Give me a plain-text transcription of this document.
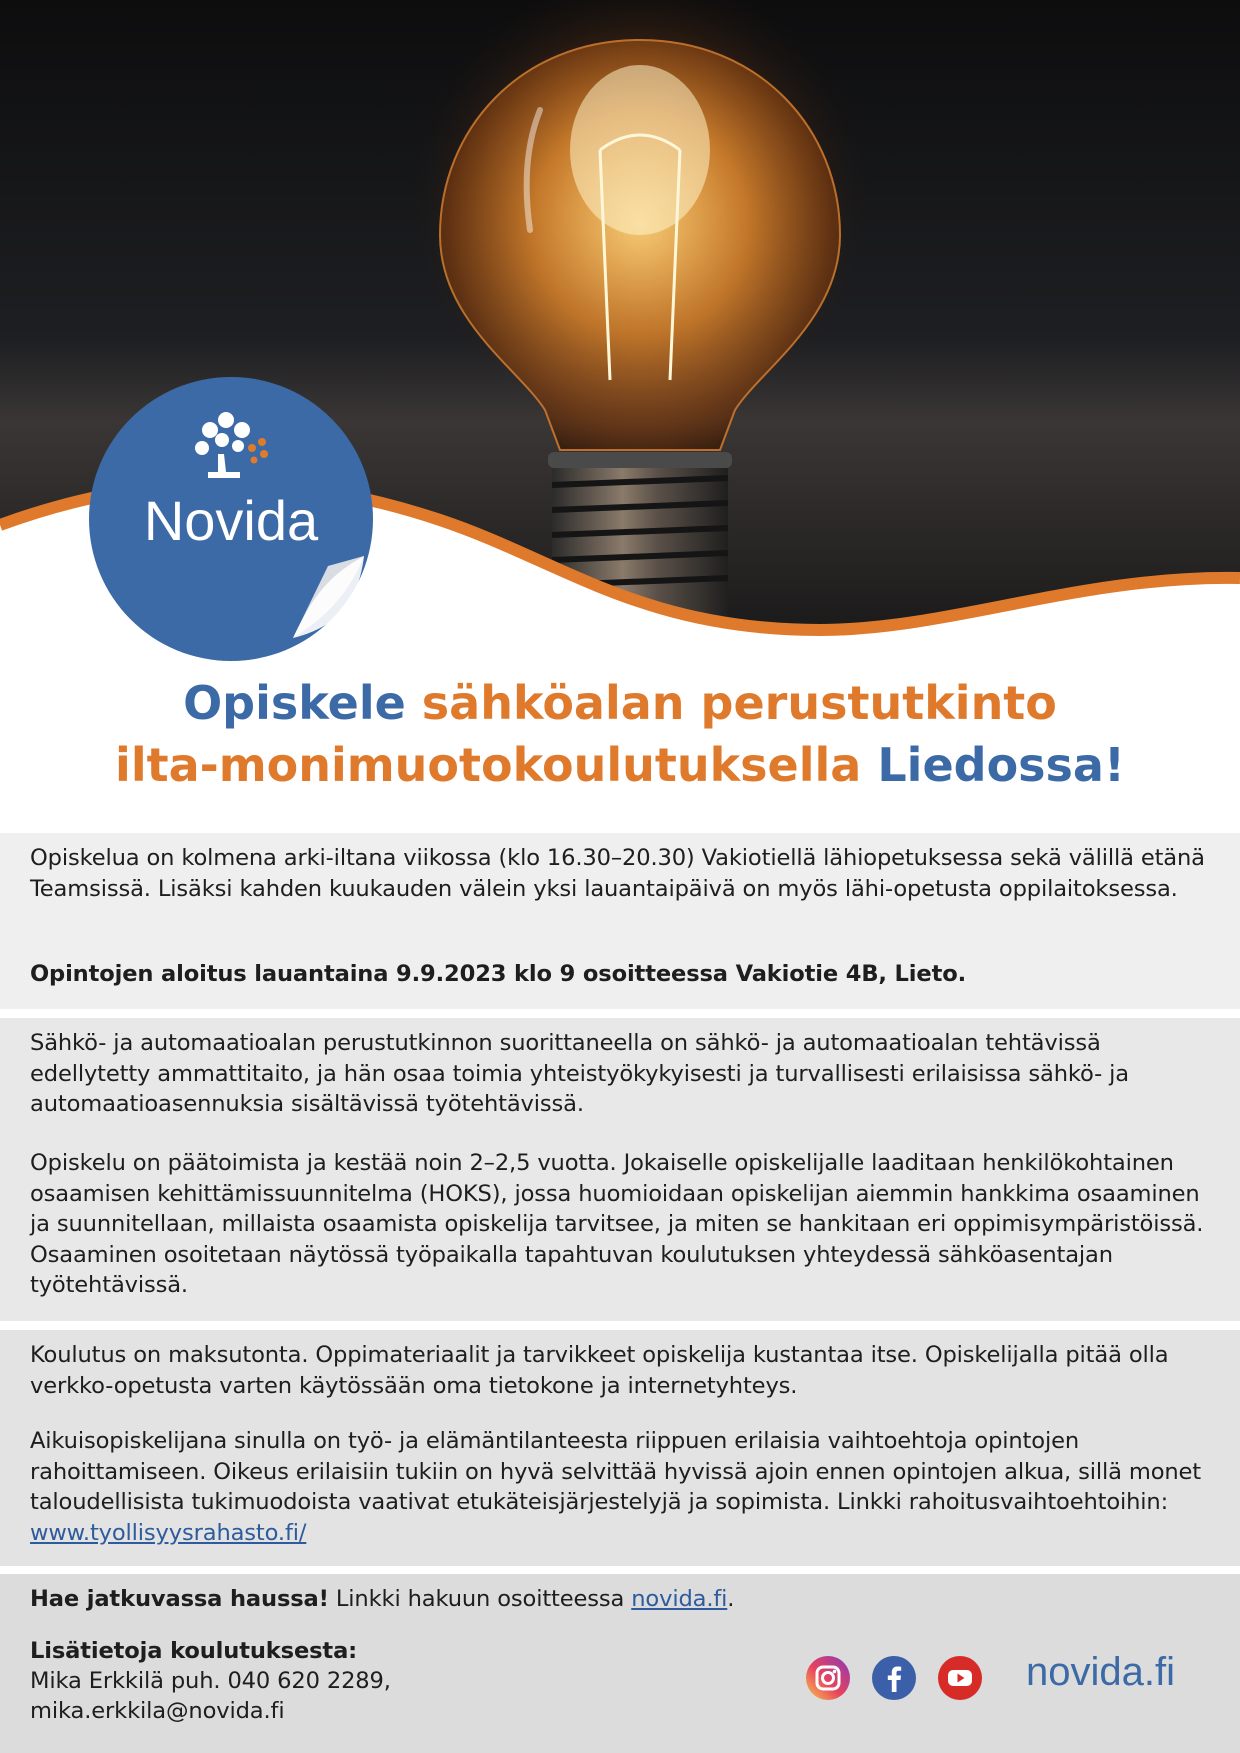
Novida
Opiskele sähköalan perustutkinto
ilta-monimuotokoulutuksella Liedossa!

Opiskelua on kolmena arki-iltana viikossa (klo 16.30–20.30) Vakiotiellä lähiopetuksessa sekä välillä etänä Teamsissä. Lisäksi kahden kuukauden välein yksi lauantaipäivä on myös lähi-opetusta oppilaitoksessa.

Opintojen aloitus lauantaina 9.9.2023 klo 9 osoitteessa Vakiotie 4B, Lieto.

Sähkö- ja automaatioalan perustutkinnon suorittaneella on sähkö- ja automaatioalan tehtävissä edellytetty ammattitaito, ja hän osaa toimia yhteistyökykyisesti ja turvallisesti erilaisissa sähkö- ja automaatioasennuksia sisältävissä työtehtävissä.

Opiskelu on päätoimista ja kestää noin 2–2,5 vuotta. Jokaiselle opiskelijalle laaditaan henkilökohtainen osaamisen kehittämissuunnitelma (HOKS), jossa huomioidaan opiskelijan aiemmin hankkima osaaminen ja suunnitellaan, millaista osaamista opiskelija tarvitsee, ja miten se hankitaan eri oppimisympäristöissä. Osaaminen osoitetaan näytössä työpaikalla tapahtuvan koulutuksen yhteydessä sähköasentajan työtehtävissä.

Koulutus on maksutonta. Oppimateriaalit ja tarvikkeet opiskelija kustantaa itse. Opiskelijalla pitää olla verkko-opetusta varten käytössään oma tietokone ja internetyhteys.

Aikuisopiskelijana sinulla on työ- ja elämäntilanteesta riippuen erilaisia vaihtoehtoja opintojen rahoittamiseen. Oikeus erilaisiin tukiin on hyvä selvittää hyvissä ajoin ennen opintojen alkua, sillä monet taloudellisista tukimuodoista vaativat etukäteisjärjestelyjä ja sopimista. Linkki rahoitusvaihtoehtoihin: www.tyollisyysrahasto.fi/

Hae jatkuvassa haussa! Linkki hakuun osoitteessa novida.fi.

Lisätietoja koulutuksesta:

Mika Erkkilä puh. 040 620 2289,

mika.erkkila@novida.fi

novida.fi
